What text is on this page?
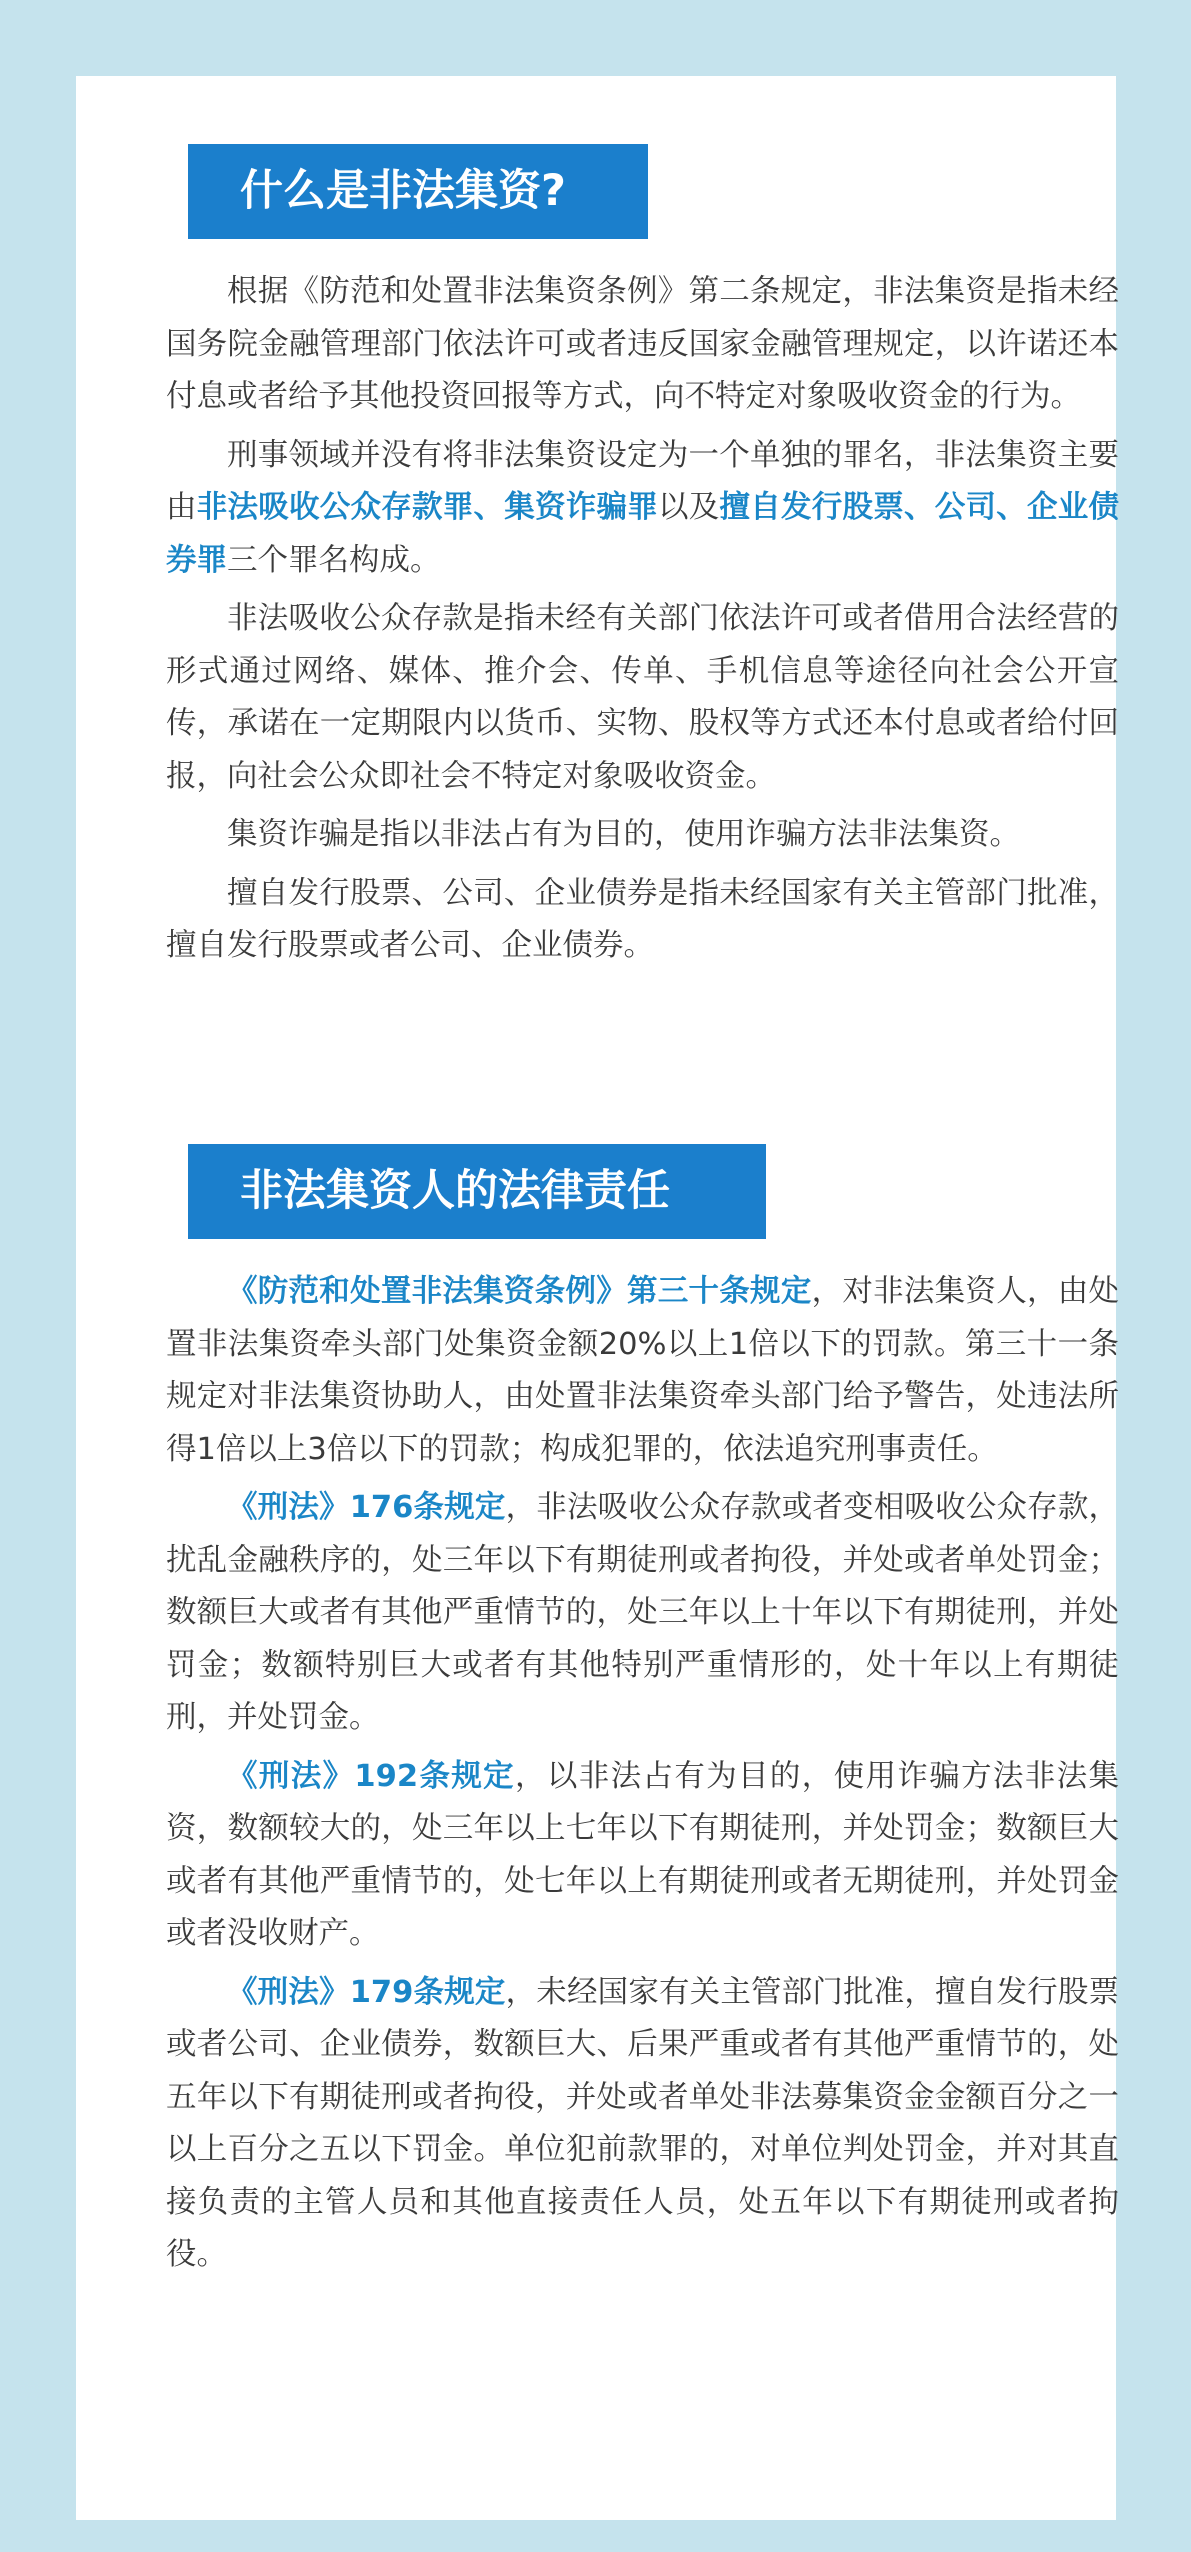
什么是非法集资?

根据《防范和处置非法集资条例》第二条规定，非法集资是指未经国务院金融管理部门依法许可或者违反国家金融管理规定，以许诺还本付息或者给予其他投资回报等方式，向不特定对象吸收资金的行为。

刑事领域并没有将非法集资设定为一个单独的罪名，非法集资主要由非法吸收公众存款罪、集资诈骗罪以及擅自发行股票、公司、企业债券罪三个罪名构成。

非法吸收公众存款是指未经有关部门依法许可或者借用合法经营的形式通过网络、媒体、推介会、传单、手机信息等途径向社会公开宣传，承诺在一定期限内以货币、实物、股权等方式还本付息或者给付回报，向社会公众即社会不特定对象吸收资金。

集资诈骗是指以非法占有为目的，使用诈骗方法非法集资。

擅自发行股票、公司、企业债券是指未经国家有关主管部门批准，擅自发行股票或者公司、企业债券。

非法集资人的法律责任

《防范和处置非法集资条例》第三十条规定，对非法集资人，由处置非法集资牵头部门处集资金额20%以上1倍以下的罚款。第三十一条规定对非法集资协助人，由处置非法集资牵头部门给予警告，处违法所得1倍以上3倍以下的罚款；构成犯罪的，依法追究刑事责任。

《刑法》176条规定，非法吸收公众存款或者变相吸收公众存款，扰乱金融秩序的，处三年以下有期徒刑或者拘役，并处或者单处罚金；数额巨大或者有其他严重情节的，处三年以上十年以下有期徒刑，并处罚金；数额特别巨大或者有其他特别严重情形的，处十年以上有期徒刑，并处罚金。

《刑法》192条规定，以非法占有为目的，使用诈骗方法非法集资，数额较大的，处三年以上七年以下有期徒刑，并处罚金；数额巨大或者有其他严重情节的，处七年以上有期徒刑或者无期徒刑，并处罚金或者没收财产。

《刑法》179条规定，未经国家有关主管部门批准，擅自发行股票或者公司、企业债券，数额巨大、后果严重或者有其他严重情节的，处五年以下有期徒刑或者拘役，并处或者单处非法募集资金金额百分之一以上百分之五以下罚金。单位犯前款罪的，对单位判处罚金，并对其直接负责的主管人员和其他直接责任人员，处五年以下有期徒刑或者拘役。
